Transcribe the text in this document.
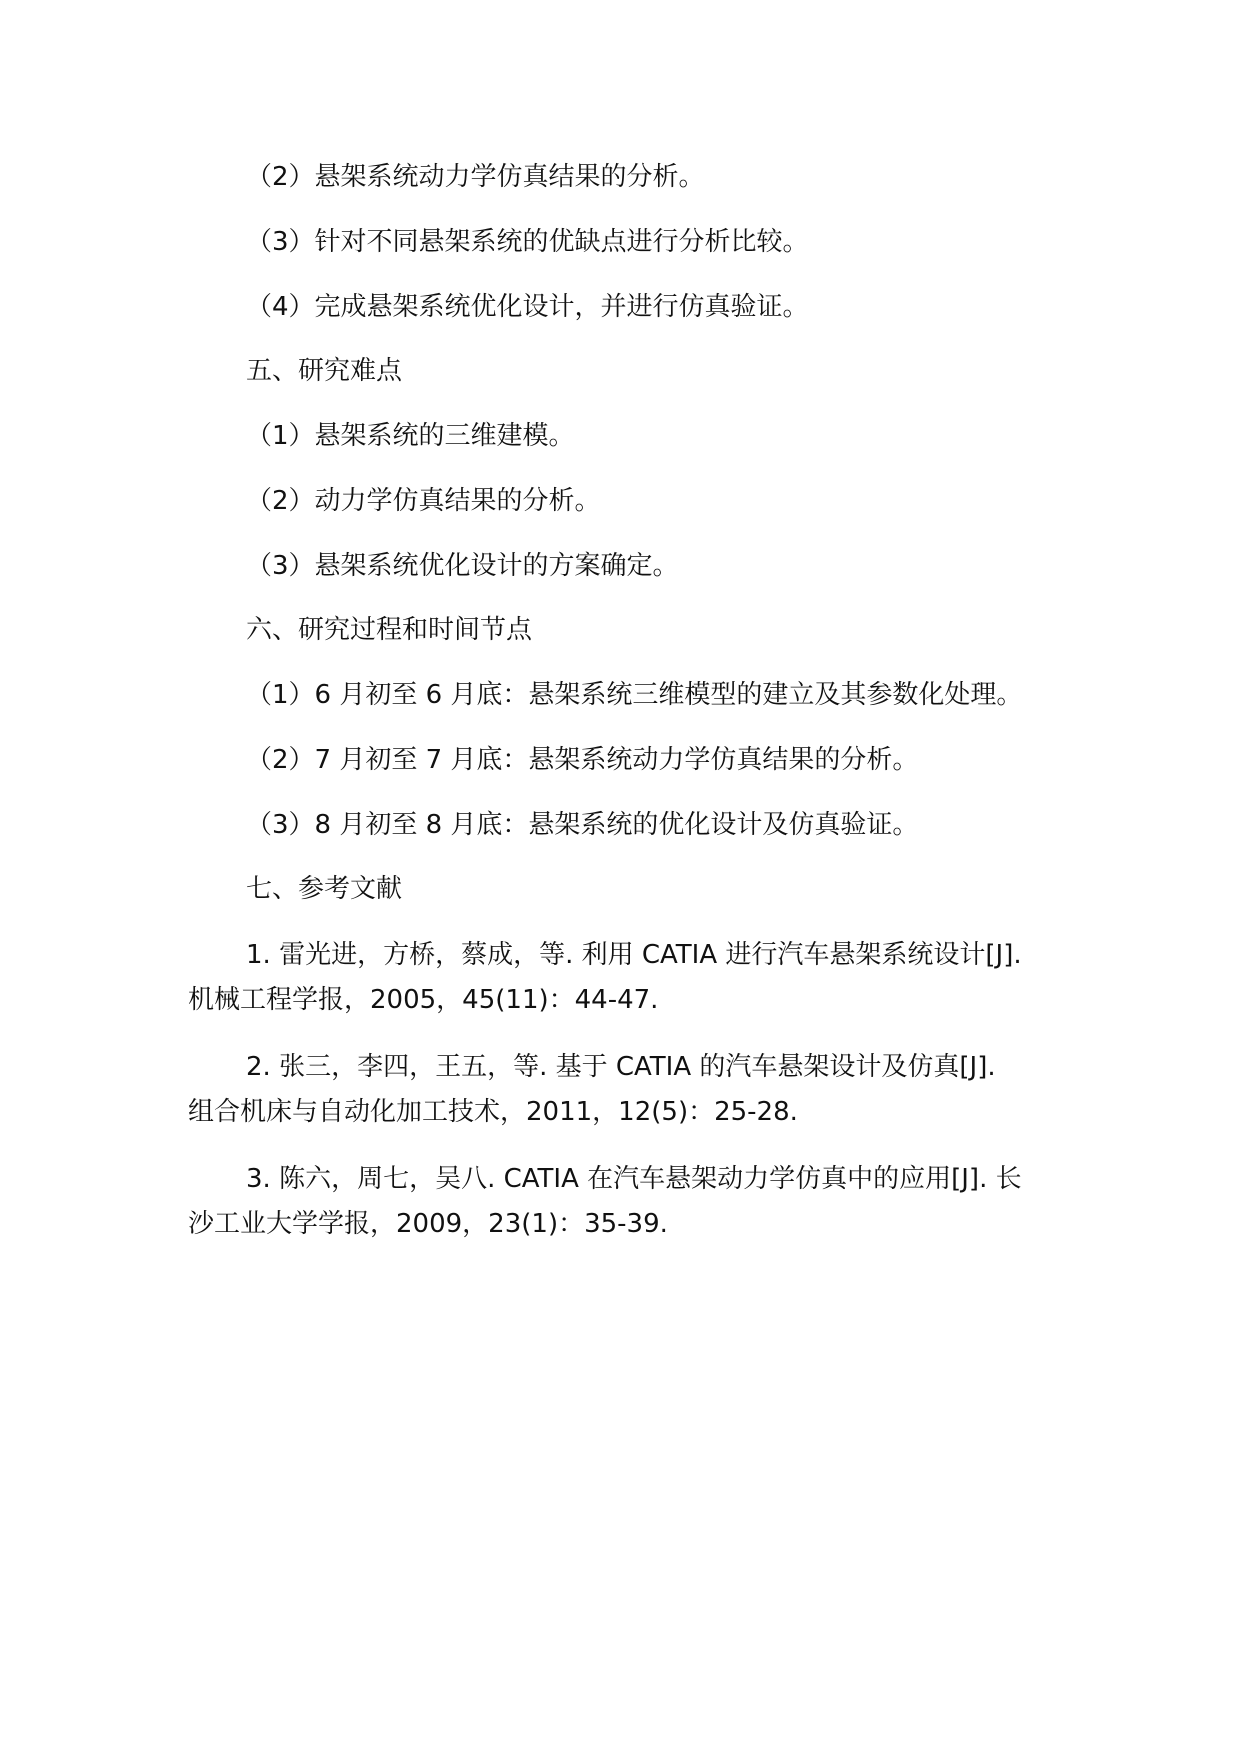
（2）悬架系统动力学仿真结果的分析。
（3）针对不同悬架系统的优缺点进行分析比较。
（4）完成悬架系统优化设计，并进行仿真验证。
五、研究难点
（1）悬架系统的三维建模。
（2）动力学仿真结果的分析。
（3）悬架系统优化设计的方案确定。
六、研究过程和时间节点
（1）6 月初至 6 月底：悬架系统三维模型的建立及其参数化处理。
（2）7 月初至 7 月底：悬架系统动力学仿真结果的分析。
（3）8 月初至 8 月底：悬架系统的优化设计及仿真验证。
七、参考文献
1. 雷光进，方桥，蔡成，等. 利用 CATIA 进行汽车悬架系统设计[J].
机械工程学报，2005，45(11)：44-47.
2. 张三，李四，王五，等. 基于 CATIA 的汽车悬架设计及仿真[J].
组合机床与自动化加工技术，2011，12(5)：25-28.
3. 陈六，周七，吴八. CATIA 在汽车悬架动力学仿真中的应用[J]. 长
沙工业大学学报，2009，23(1)：35-39.
